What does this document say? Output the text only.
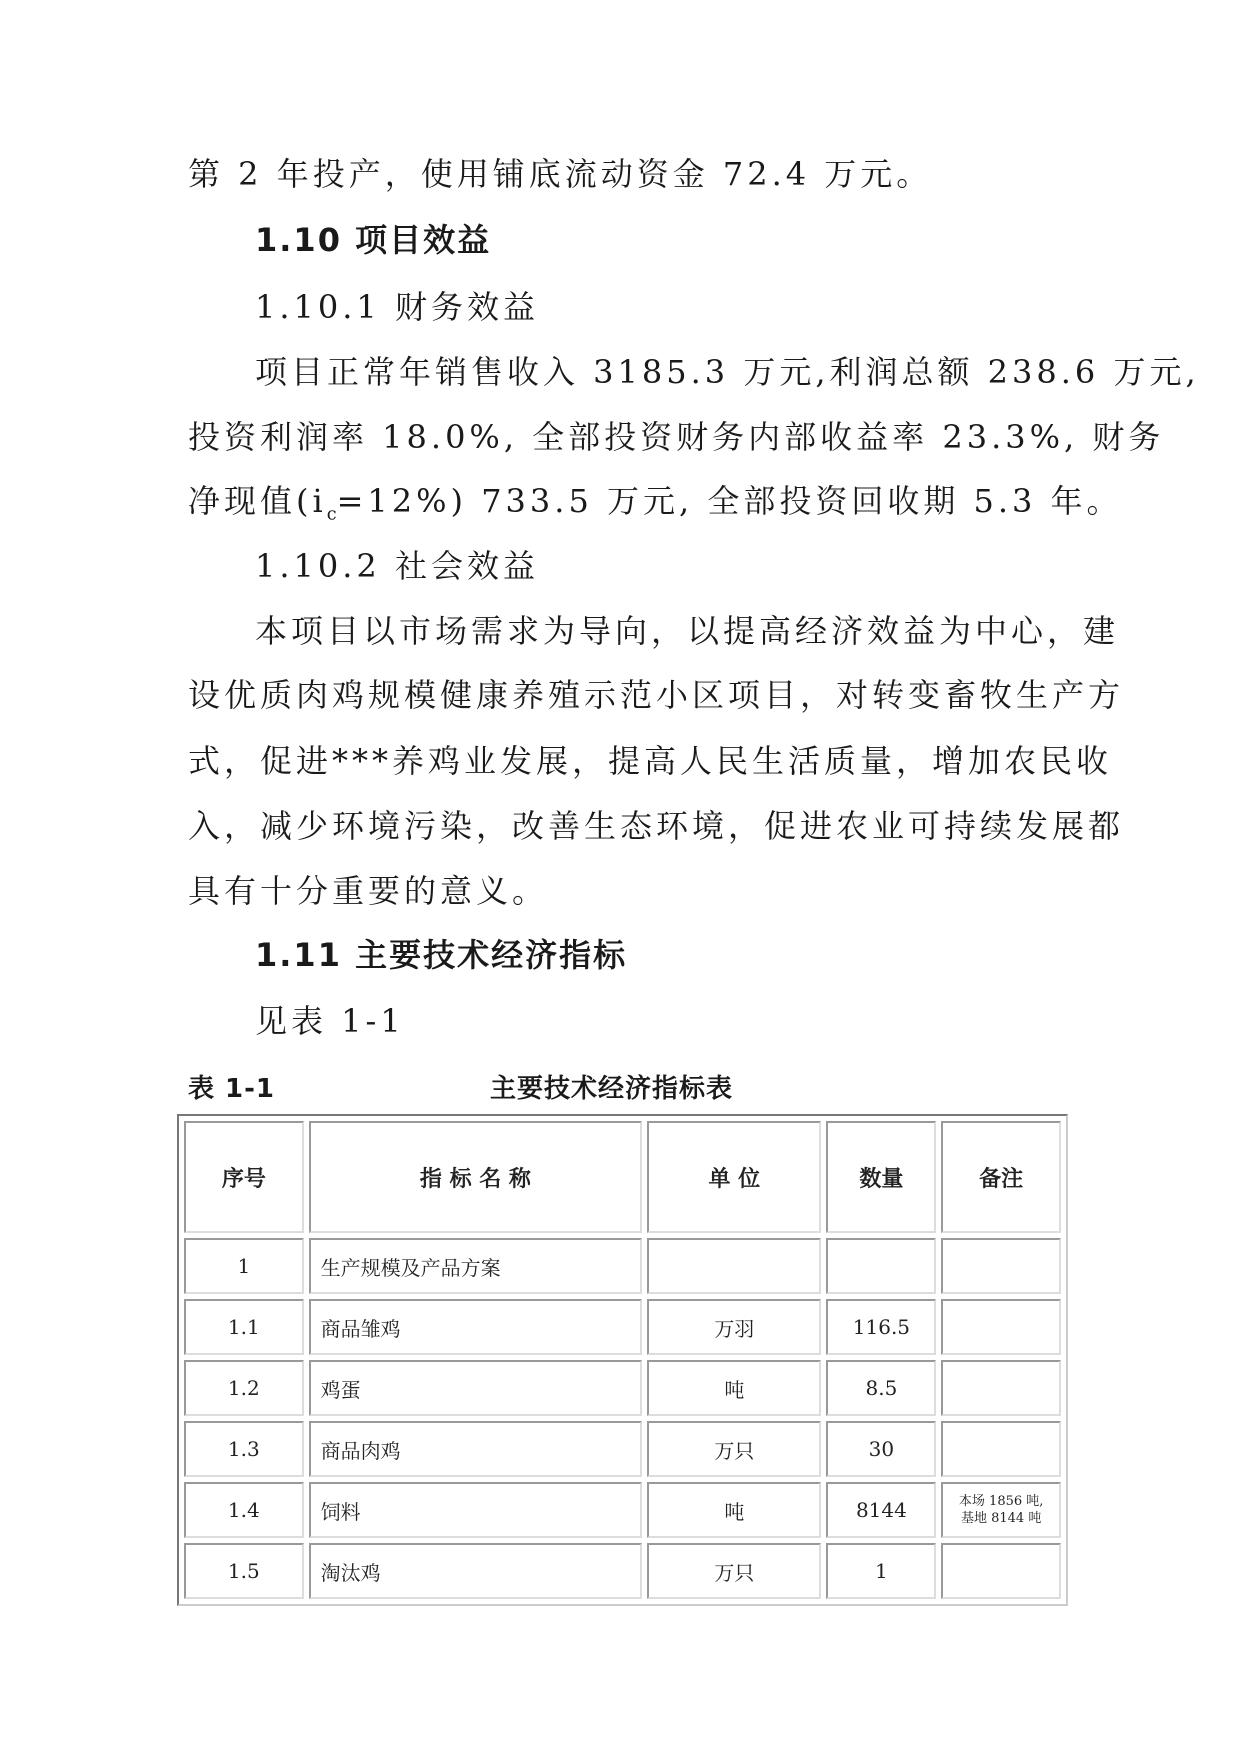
第 2 年投产，使用铺底流动资金 72.4 万元。
1.10 项目效益
1.10.1 财务效益
项目正常年销售收入 3185.3 万元,利润总额 238.6 万元,
投资利润率 18.0%, 全部投资财务内部收益率 23.3%, 财务
净现值$(i_c=12\%)$ 733.5 万元, 全部投资回收期 5.3 年。
1.10.2 社会效益
本项目以市场需求为导向，以提高经济效益为中心，建
设优质肉鸡规模健康养殖示范小区项目，对转变畜牧生产方
式，促进***养鸡业发展，提高人民生活质量，增加农民收
入，减少环境污染，改善生态环境，促进农业可持续发展都
具有十分重要的意义。
1.11 主要技术经济指标
见表 1-1
表 1-1	主要技术经济指标表
序号	指 标 名 称	单 位	数量	备注
1	生产规模及产品方案			
1.1	商品雏鸡	万羽	116.5	
1.2	鸡蛋	吨	8.5	
1.3	商品肉鸡	万只	30	
1.4	饲料	吨	8144	本场 1856 吨,
基地 8144 吨
1.5	淘汰鸡	万只	1	
